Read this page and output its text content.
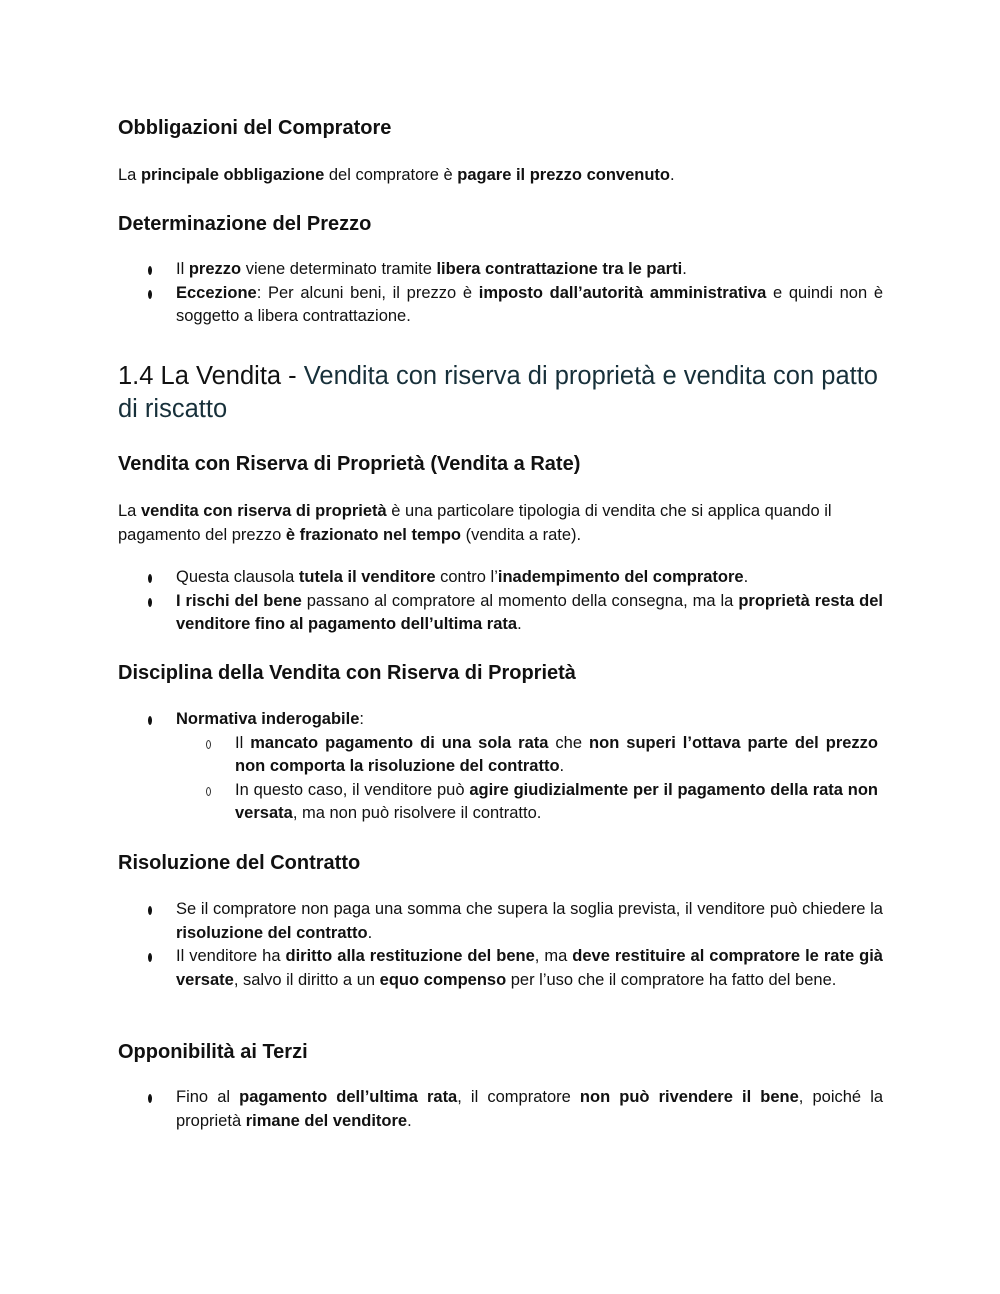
Obbligazioni del Compratore

La principale obbligazione del compratore è pagare il prezzo convenuto.

Determinazione del Prezzo
Il prezzo viene determinato tramite libera contrattazione tra le parti.
Eccezione: Per alcuni beni, il prezzo è imposto dall’autorità amministrativa e quindi non è soggetto a libera contrattazione.
1.4 La Vendita - Vendita con riserva di proprietà e vendita con patto di riscatto
Vendita con Riserva di Proprietà (Vendita a Rate)

La vendita con riserva di proprietà è una particolare tipologia di vendita che si applica quando il pagamento del prezzo è frazionato nel tempo (vendita a rate).

Questa clausola tutela il venditore contro l’inadempimento del compratore.
I rischi del bene passano al compratore al momento della consegna, ma la proprietà resta del venditore fino al pagamento dell’ultima rata.
Disciplina della Vendita con Riserva di Proprietà
Normativa inderogabile:
Il mancato pagamento di una sola rata che non superi l’ottava parte del prezzo non comporta la risoluzione del contratto.
In questo caso, il venditore può agire giudizialmente per il pagamento della rata non versata, ma non può risolvere il contratto.
Risoluzione del Contratto
Se il compratore non paga una somma che supera la soglia prevista, il venditore può chiedere la risoluzione del contratto.
Il venditore ha diritto alla restituzione del bene, ma deve restituire al compratore le rate già versate, salvo il diritto a un equo compenso per l’uso che il compratore ha fatto del bene.
Opponibilità ai Terzi
Fino al pagamento dell’ultima rata, il compratore non può rivendere il bene, poiché la proprietà rimane del venditore.
